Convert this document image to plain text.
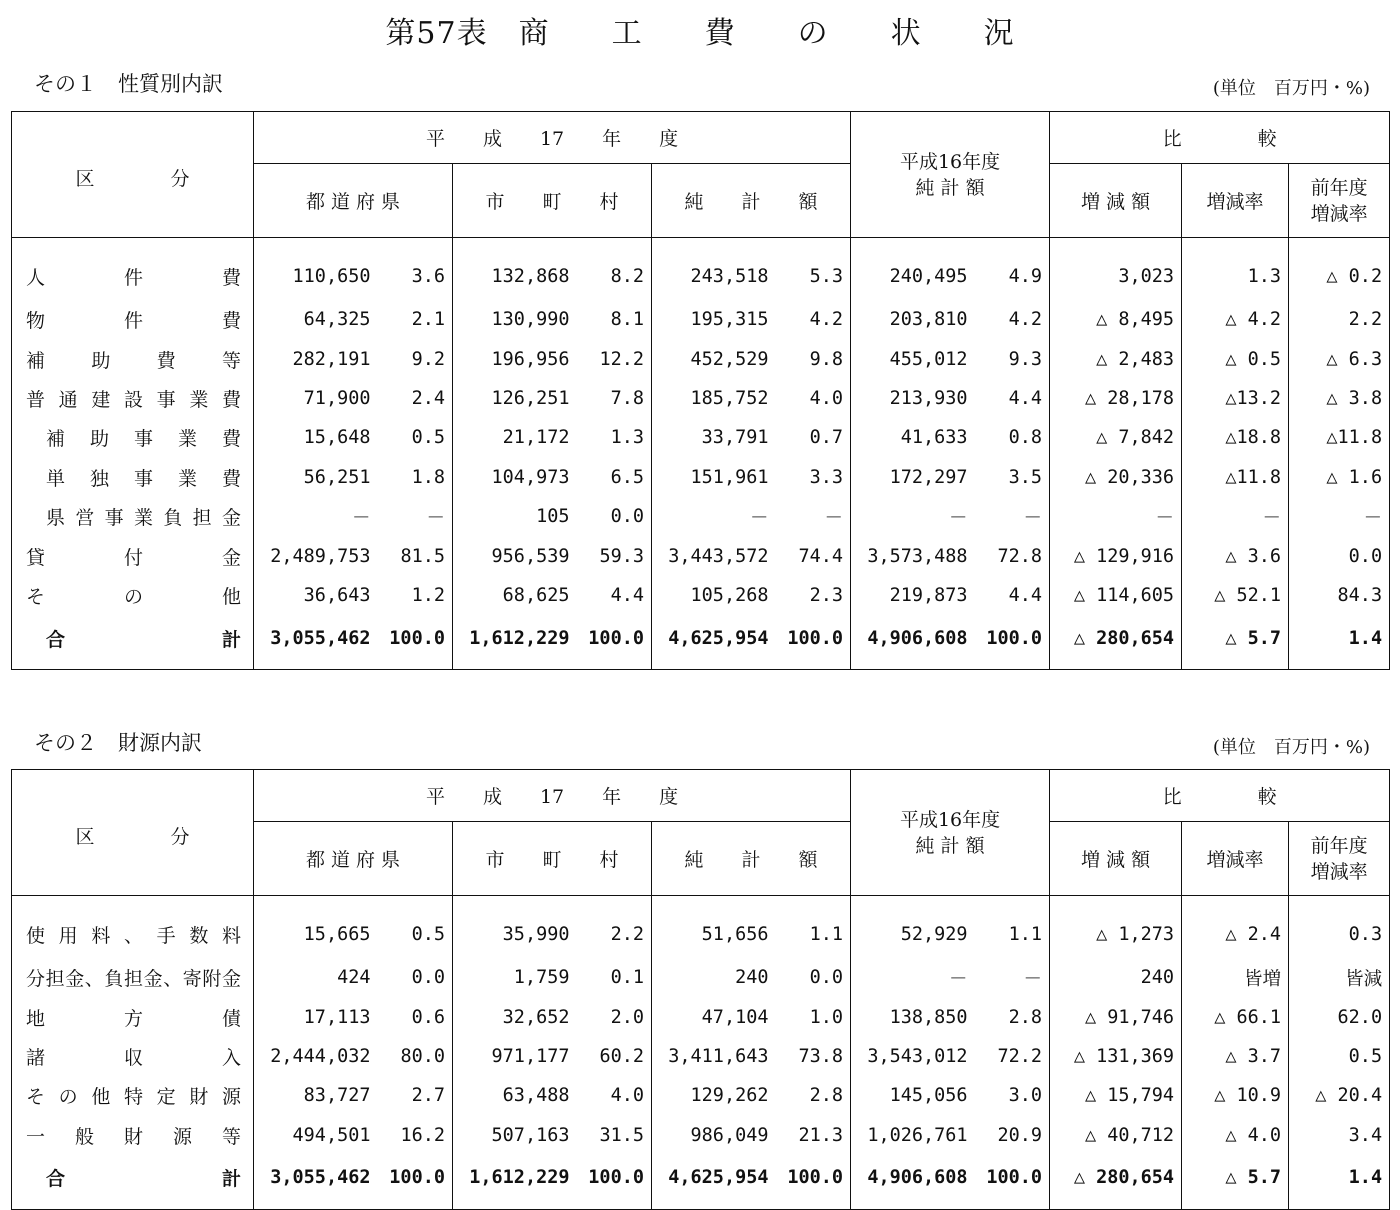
第57表　商　　工　　費　　の　　状　　況
その１　性質別内訳	(単位　百万円・%)
区　　　　分	平　　成　　17　　年　　度						平成16年度
純 計 額		比　　　　較		
	都 道 府 県		市　　町　　村		純　　計　　額				増 減 額	増減率	前年度
増減率

人件費	110,650	3.6	132,868	8.2	243,518	5.3	240,495	4.9	3,023	1.3	△ 0.2
物件費	64,325	2.1	130,990	8.1	195,315	4.2	203,810	4.2	△ 8,495	△ 4.2	2.2
補助費等	282,191	9.2	196,956	12.2	452,529	9.8	455,012	9.3	△ 2,483	△ 0.5	△ 6.3
普通建設事業費	71,900	2.4	126,251	7.8	185,752	4.0	213,930	4.4	△ 28,178	△13.2	△ 3.8
補助事業費	15,648	0.5	21,172	1.3	33,791	0.7	41,633	0.8	△ 7,842	△18.8	△11.8
単独事業費	56,251	1.8	104,973	6.5	151,961	3.3	172,297	3.5	△ 20,336	△11.8	△ 1.6
県営事業負担金	－	－	105	0.0	－	－	－	－	－	－	－
貸付金	2,489,753	81.5	956,539	59.3	3,443,572	74.4	3,573,488	72.8	△ 129,916	△ 3.6	0.0
その他	36,643	1.2	68,625	4.4	105,268	2.3	219,873	4.4	△ 114,605	△ 52.1	84.3
合計	3,055,462	100.0	1,612,229	100.0	4,625,954	100.0	4,906,608	100.0	△ 280,654	△ 5.7	1.4
その２　財源内訳	(単位　百万円・%)
区　　　　分	平　　成　　17　　年　　度						平成16年度
純 計 額		比　　　　較		
	都 道 府 県		市　　町　　村		純　　計　　額				増 減 額	増減率	前年度
増減率

使用料、手数料	15,665	0.5	35,990	2.2	51,656	1.1	52,929	1.1	△ 1,273	△ 2.4	0.3
分担金、負担金、寄附金	424	0.0	1,759	0.1	240	0.0	－	－	240	皆増	皆減
地方債	17,113	0.6	32,652	2.0	47,104	1.0	138,850	2.8	△ 91,746	△ 66.1	62.0
諸収入	2,444,032	80.0	971,177	60.2	3,411,643	73.8	3,543,012	72.2	△ 131,369	△ 3.7	0.5
その他特定財源	83,727	2.7	63,488	4.0	129,262	2.8	145,056	3.0	△ 15,794	△ 10.9	△ 20.4
一般財源等	494,501	16.2	507,163	31.5	986,049	21.3	1,026,761	20.9	△ 40,712	△ 4.0	3.4
合計	3,055,462	100.0	1,612,229	100.0	4,625,954	100.0	4,906,608	100.0	△ 280,654	△ 5.7	1.4
